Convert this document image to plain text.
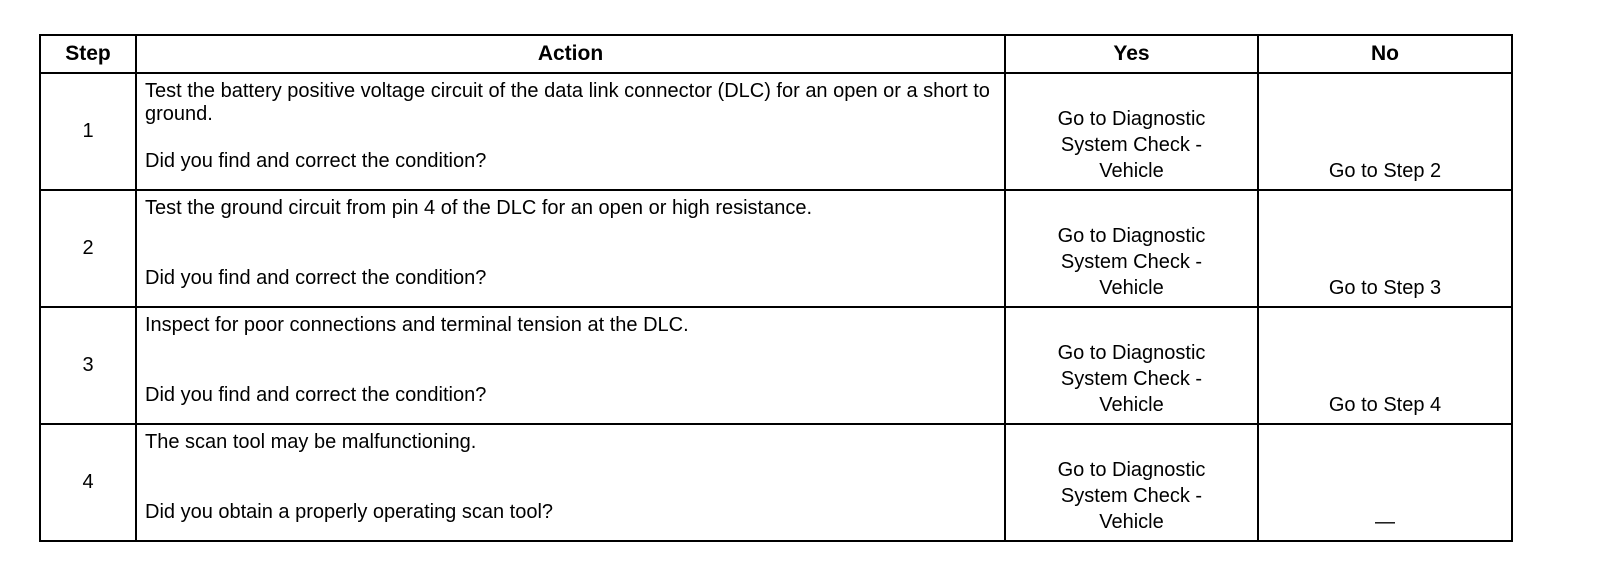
Step	Action	Yes	No
1	Test the battery positive voltage circuit of the data link connector (DLC) for an open or a short to ground.
Did you find and correct the condition?	Go to Diagnostic
System Check -
Vehicle	Go to Step 2
2	Test the ground circuit from pin 4 of the DLC for an open or high resistance.
Did you find and correct the condition?	Go to Diagnostic
System Check -
Vehicle	Go to Step 3
3	Inspect for poor connections and terminal tension at the DLC.
Did you find and correct the condition?	Go to Diagnostic
System Check -
Vehicle	Go to Step 4
4	The scan tool may be malfunctioning.
Did you obtain a properly operating scan tool?	Go to Diagnostic
System Check -
Vehicle	—
